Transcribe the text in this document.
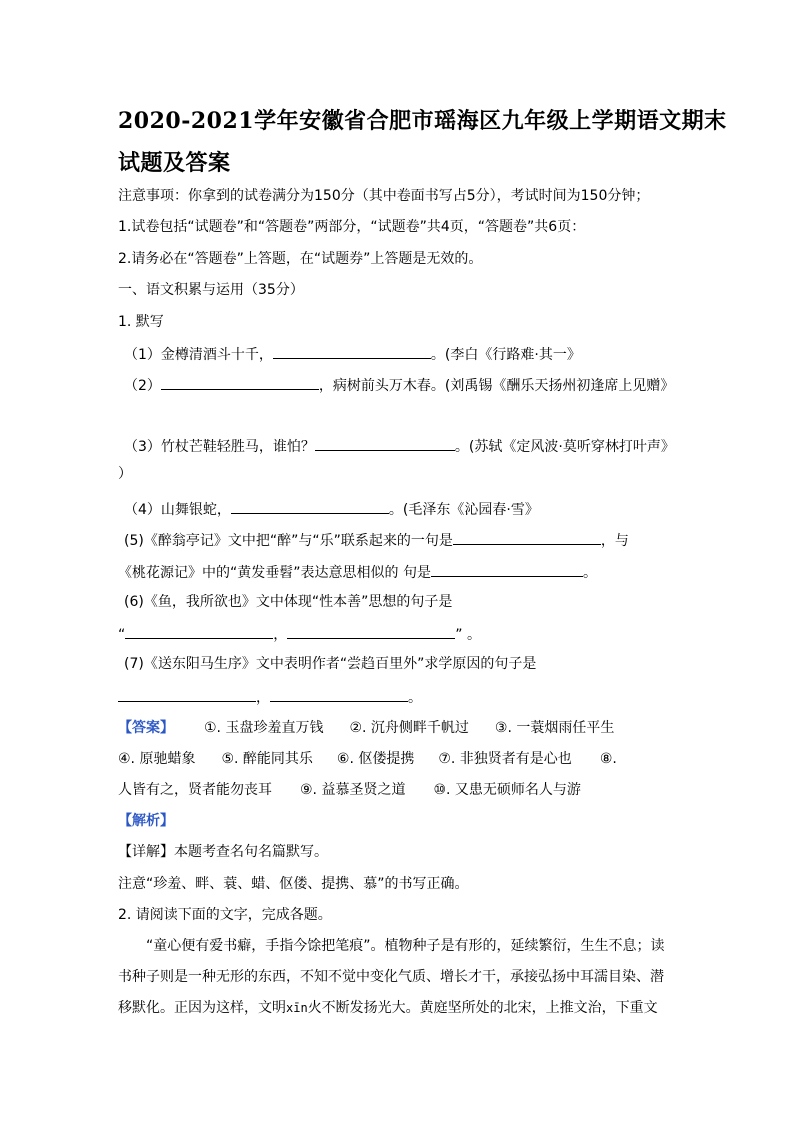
2020-2021学年安徽省合肥市瑶海区九年级上学期语文期末
试题及答案
注意事项：你拿到的试卷满分为150分（其中卷面书写占5分），考试时间为150分钟；
1.试卷包括“试题卷”和“答题卷”两部分，“试题卷”共4页，“答题卷”共6页：
2.请务必在“答题卷”上答题，在“试题券”上答题是无效的。
一、语文积累与运用（35分）
1. 默写
（1）金樽清酒斗十千，	。(李白《行路难·其一》
（2）	，病树前头万木春。(刘禹锡《酬乐天扬州初逢席上见赠》
（3）竹杖芒鞋轻胜马，谁怕？	。(苏轼《定风波·莫听穿林打叶声》
）
（4）山舞银蛇，	。(毛泽东《沁园春·雪》
(5)《醉翁亭记》文中把“醉”与“乐”联系起来的一句是	，与
《桃花源记》中的“黄发垂髫”表达意思相似的 句是	。
(6)《鱼，我所欲也》文中体现“性本善”思想的句子是
“	，	” 。
(7)《送东阳马生序》文中表明作者“尝趋百里外”求学原因的句子是
，	。
【答案】 ①. 玉盘珍羞直万钱 ②. 沉舟侧畔千帆过 ③. 一蓑烟雨任平生
④. 原驰蜡象 ⑤. 醉能同其乐 ⑥. 伛偻提携 ⑦. 非独贤者有是心也 ⑧.
人皆有之，贤者能勿丧耳 ⑨. 益慕圣贤之道 ⑩. 又患无硕师名人与游
【解析】
【详解】本题考查名句名篇默写。
注意“珍羞、畔、蓑、蜡、伛偻、提携、慕”的书写正确。
2. 请阅读下面的文字，完成各题。
“童心便有爱书癖，手指今馀把笔痕”。植物种子是有形的，延续繁衍，生生不息；读
书种子则是一种无形的东西，不知不觉中变化气质、增长才干，承接弘扬中耳濡目染、潜
移默化。正因为这样，文明xīn火不断发扬光大。黄庭坚所处的北宋，上推文治，下重文
